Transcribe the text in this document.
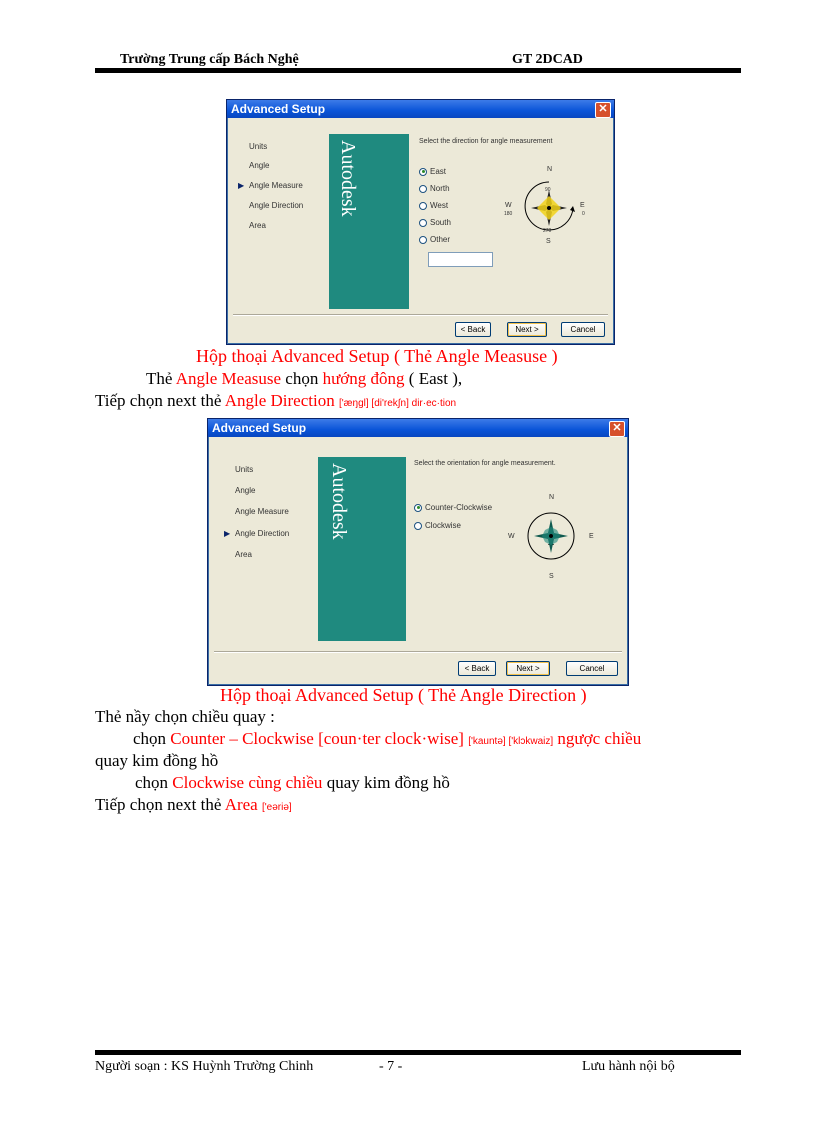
Trường Trung cấp Bách Nghệ	GT 2DCAD
Advanced Setup	✕
Units
Angle
▶ Angle Measure
Angle Direction
Area
Autodesk	Select the direction for angle measurement
East
North
West
South
Other
N
90
W
180
E
0
270
S
< Back	Next >	Cancel
Hộp thoại Advanced Setup ( Thẻ Angle Measuse )
Thẻ Angle Measuse chọn hướng đông ( East ),
Tiếp chọn next thẻ Angle Direction ['æŋgl] [di'rek∫n] dir·ec·tion
Advanced Setup	✕
Units
Angle
Angle Measure
▶ Angle Direction
Area
Autodesk	Select the orientation for angle measurement.
Counter-Clockwise
Clockwise
N
W	E
S
< Back	Next >	Cancel
Hộp thoại Advanced Setup ( Thẻ Angle Direction )
Thẻ nầy chọn chiều quay :
chọn Counter – Clockwise [coun·ter clock·wise] ['kauntə] ['klɔkwaiz] ngược chiều
quay kim đồng hồ
chọn Clockwise cùng chiều quay kim đồng hồ
Tiếp chọn next thẻ Area ['eəriə]
Người soạn : KS Huỳnh Trường Chinh	- 7 -	Lưu hành nội bộ
